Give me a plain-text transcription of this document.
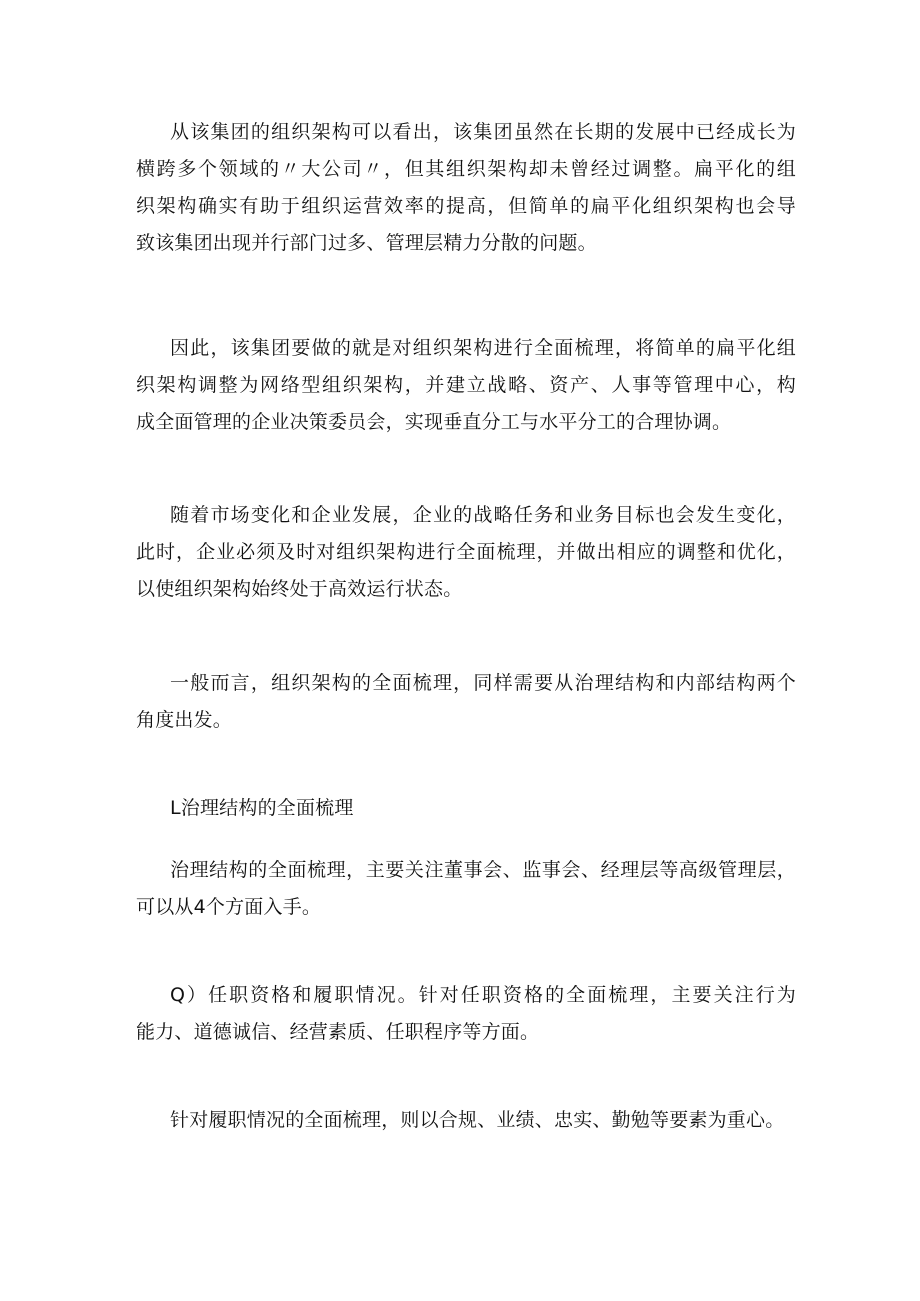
从该集团的组织架构可以看出，该集团虽然在长期的发展中已经成长为
横跨多个领域的〃大公司〃，但其组织架构却未曾经过调整。扁平化的组
织架构确实有助于组织运营效率的提高，但简单的扁平化组织架构也会导
致该集团出现并行部门过多、管理层精力分散的问题。

因此，该集团要做的就是对组织架构进行全面梳理，将简单的扁平化组
织架构调整为网络型组织架构，并建立战略、资产、人事等管理中心，构
成全面管理的企业决策委员会，实现垂直分工与水平分工的合理协调。

随着市场变化和企业发展，企业的战略任务和业务目标也会发生变化，
此时，企业必须及时对组织架构进行全面梳理，并做出相应的调整和优化，
以使组织架构始终处于高效运行状态。

一般而言，组织架构的全面梳理，同样需要从治理结构和内部结构两个
角度出发。

L治理结构的全面梳理

治理结构的全面梳理，主要关注董事会、监事会、经理层等高级管理层，
可以从4个方面入手。

Q）任职资格和履职情况。针对任职资格的全面梳理，主要关注行为
能力、道德诚信、经营素质、任职程序等方面。

针对履职情况的全面梳理，则以合规、业绩、忠实、勤勉等要素为重心。
